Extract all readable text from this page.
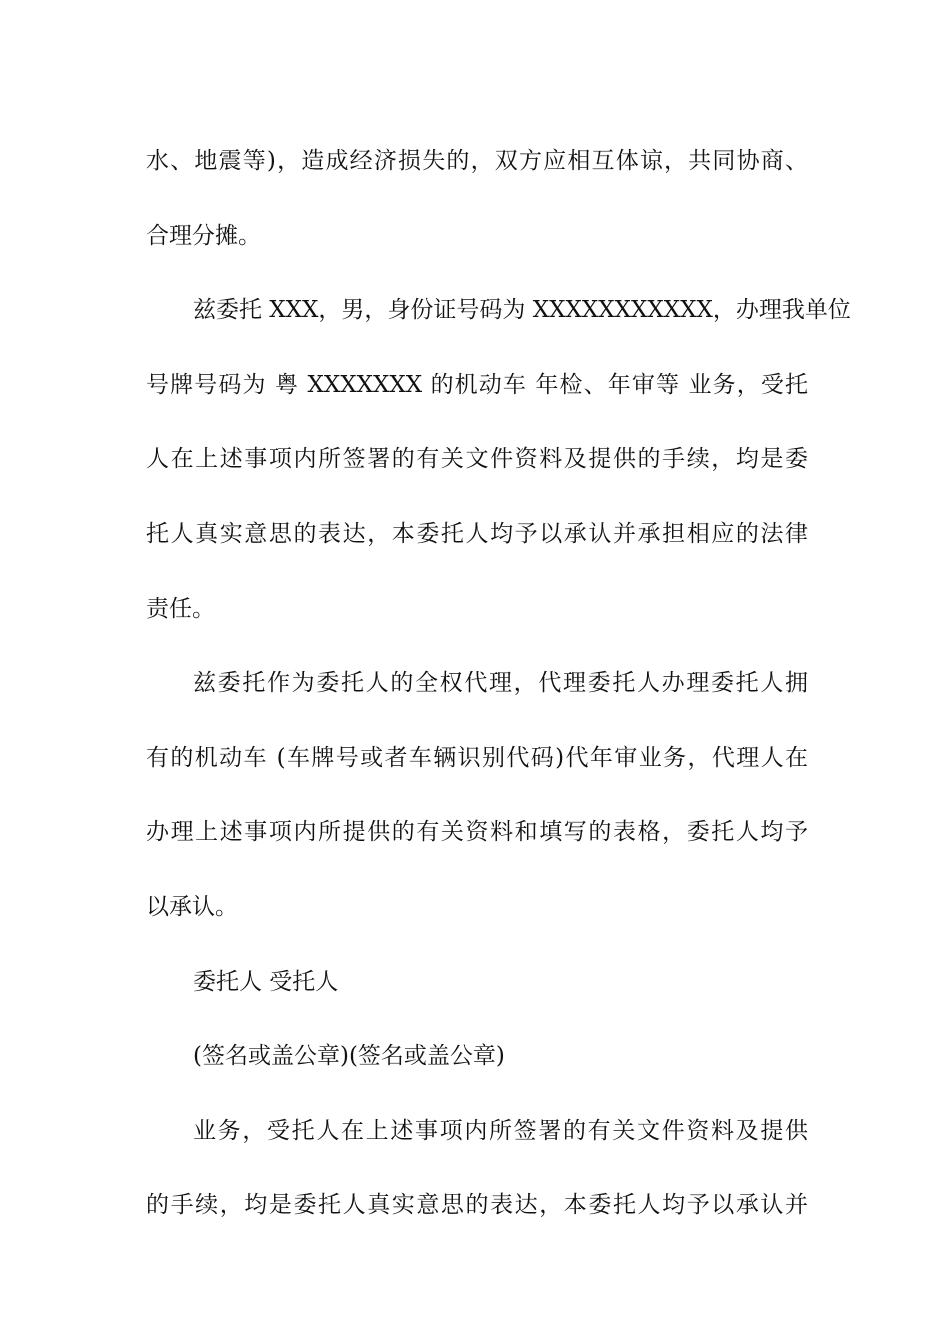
水、地震等)，造成经济损失的，双方应相互体谅，共同协商、
合理分摊。
兹委托 XXX，男，身份证号码为 XXXXXXXXXXX，办理我单位
号牌号码为 粤 XXXXXXX 的机动车 年检、年审等 业务，受托
人在上述事项内所签署的有关文件资料及提供的手续，均是委
托人真实意思的表达，本委托人均予以承认并承担相应的法律
责任。
兹委托作为委托人的全权代理，代理委托人办理委托人拥
有的机动车 (车牌号或者车辆识别代码)代年审业务，代理人在
办理上述事项内所提供的有关资料和填写的表格，委托人均予
以承认。
委托人 受托人
(签名或盖公章)(签名或盖公章)
业务，受托人在上述事项内所签署的有关文件资料及提供
的手续，均是委托人真实意思的表达，本委托人均予以承认并
